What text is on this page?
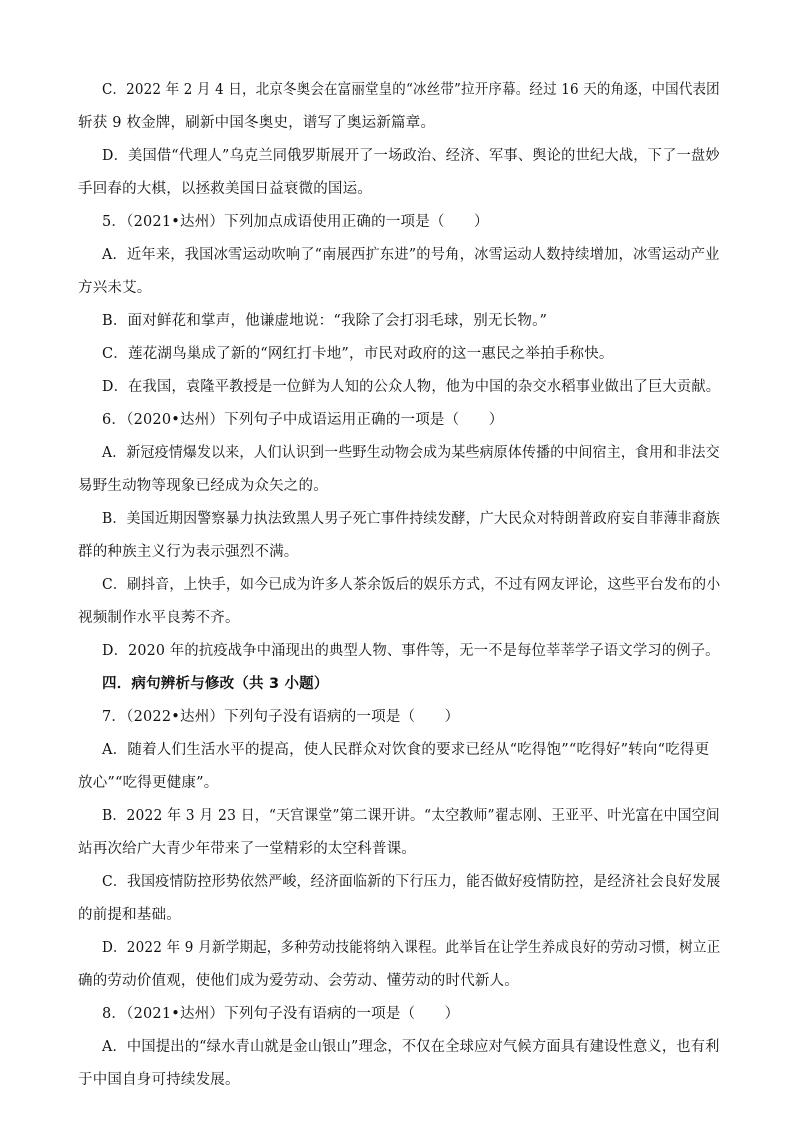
C．2022 年 2 月 4 日，北京冬奥会在富丽堂皇的“冰丝带”拉开序幕。经过 16 天的角逐，中国代表团
斩获 9 枚金牌，刷新中国冬奥史，谱写了奥运新篇章。
D．美国借“代理人”乌克兰同俄罗斯展开了一场政治、经济、军事、舆论的世纪大战，下了一盘妙
手回春的大棋，以拯救美国日益衰微的国运。
5．（2021•达州）下列加点成语使用正确的一项是（　　）
A．近年来，我国冰雪运动吹响了“南展西扩东进”的号角，冰雪运动人数持续增加，冰雪运动产业
方兴未艾。
B．面对鲜花和掌声，他谦虚地说：“我除了会打羽毛球，别无长物。”
C．莲花湖鸟巢成了新的“网红打卡地”，市民对政府的这一惠民之举拍手称快。
D．在我国，袁隆平教授是一位鲜为人知的公众人物，他为中国的杂交水稻事业做出了巨大贡献。
6．（2020•达州）下列句子中成语运用正确的一项是（　　）
A．新冠疫情爆发以来，人们认识到一些野生动物会成为某些病原体传播的中间宿主，食用和非法交
易野生动物等现象已经成为众矢之的。
B．美国近期因警察暴力执法致黑人男子死亡事件持续发酵，广大民众对特朗普政府妄自菲薄非裔族
群的种族主义行为表示强烈不满。
C．刷抖音，上快手，如今已成为许多人茶余饭后的娱乐方式，不过有网友评论，这些平台发布的小
视频制作水平良莠不齐。
D．2020 年的抗疫战争中涌现出的典型人物、事件等，无一不是每位莘莘学子语文学习的例子。
四．病句辨析与修改（共 3 小题）
7．（2022•达州）下列句子没有语病的一项是（　　）
A．随着人们生活水平的提高，使人民群众对饮食的要求已经从“吃得饱”“吃得好”转向“吃得更
放心”“吃得更健康”。
B．2022 年 3 月 23 日，“天宫课堂”第二课开讲。“太空教师”翟志刚、王亚平、叶光富在中国空间
站再次给广大青少年带来了一堂精彩的太空科普课。
C．我国疫情防控形势依然严峻，经济面临新的下行压力，能否做好疫情防控，是经济社会良好发展
的前提和基础。
D．2022 年 9 月新学期起，多种劳动技能将纳入课程。此举旨在让学生养成良好的劳动习惯，树立正
确的劳动价值观，使他们成为爱劳动、会劳动、懂劳动的时代新人。
8．（2021•达州）下列句子没有语病的一项是（　　）
A．中国提出的“绿水青山就是金山银山”理念，不仅在全球应对气候方面具有建设性意义，也有利
于中国自身可持续发展。
